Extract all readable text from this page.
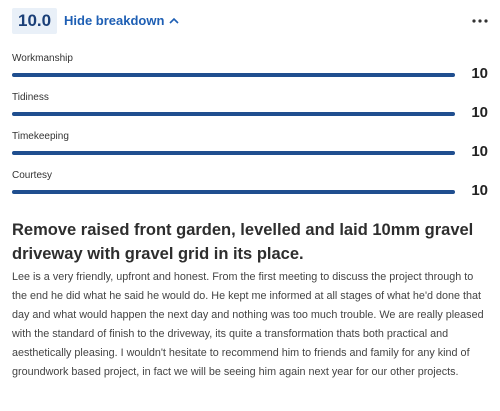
10.0 Hide breakdown
Workmanship
10
Tidiness
10
Timekeeping
10
Courtesy
10
Remove raised front garden, levelled and laid 10mm gravel driveway with gravel grid in its place.

Lee is a very friendly, upfront and honest. From the first meeting to discuss the project through to the end he did what he said he would do. He kept me informed at all stages of what he'd done that day and what would happen the next day and nothing was too much trouble. We are really pleased with the standard of finish to the driveway, its quite a transformation thats both practical and aesthetically pleasing. I wouldn't hesitate to recommend him to friends and family for any kind of groundwork based project, in fact we will be seeing him again next year for our other projects.
